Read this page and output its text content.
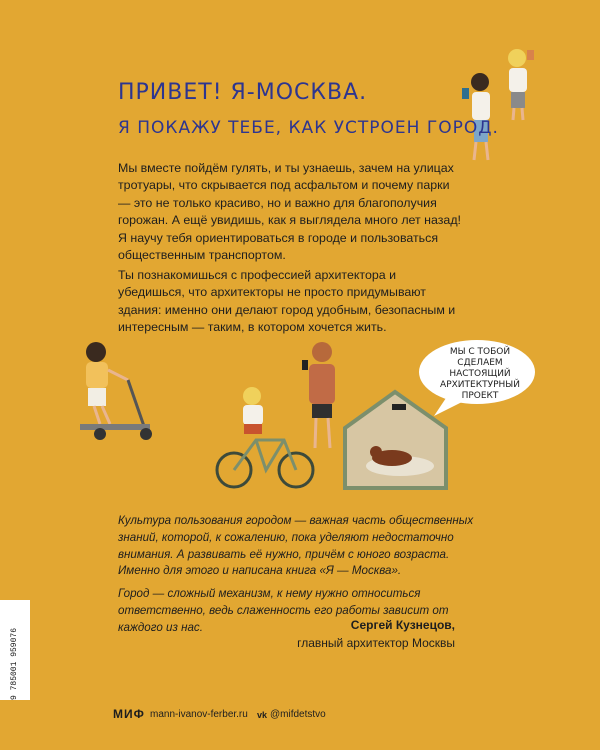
ПРИВЕТ! Я-МОСКВА.
Я ПОКАЖУ ТЕБЕ, КАК УСТРОЕН ГОРОД.
Мы вместе пойдём гулять, и ты узнаешь, зачем на улицах тротуары, что скрывается под асфальтом и почему парки — это не только красиво, но и важно для благополучия горожан. А ещё увидишь, как я выглядела много лет назад!
Я научу тебя ориентироваться в городе и пользоваться общественным транспортом.
Ты познакомишься с профессией архитектора и убедишься, что архитекторы не просто придумывают здания: именно они делают город удобным, безопасным и интересным — таким, в котором хочется жить.
МЫ С ТОБОЙ СДЕЛАЕМ НАСТОЯЩИЙ АРХИТЕКТУРНЫЙ ПРОЕКТ
Культура пользования городом — важная часть общественных знаний, которой, к сожалению, пока уделяют недостаточно внимания. А развивать её нужно, причём с юного возраста. Именно для этого и написана книга «Я — Москва».
Город — сложный механизм, к нему нужно относиться ответственно, ведь слаженность его работы зависит от каждого из нас.	Сергей Кузнецов,
главный архитектор Москвы
9 785001 959076
МИФ mann-ivanov-ferber.ru vk @mifdetstvo
